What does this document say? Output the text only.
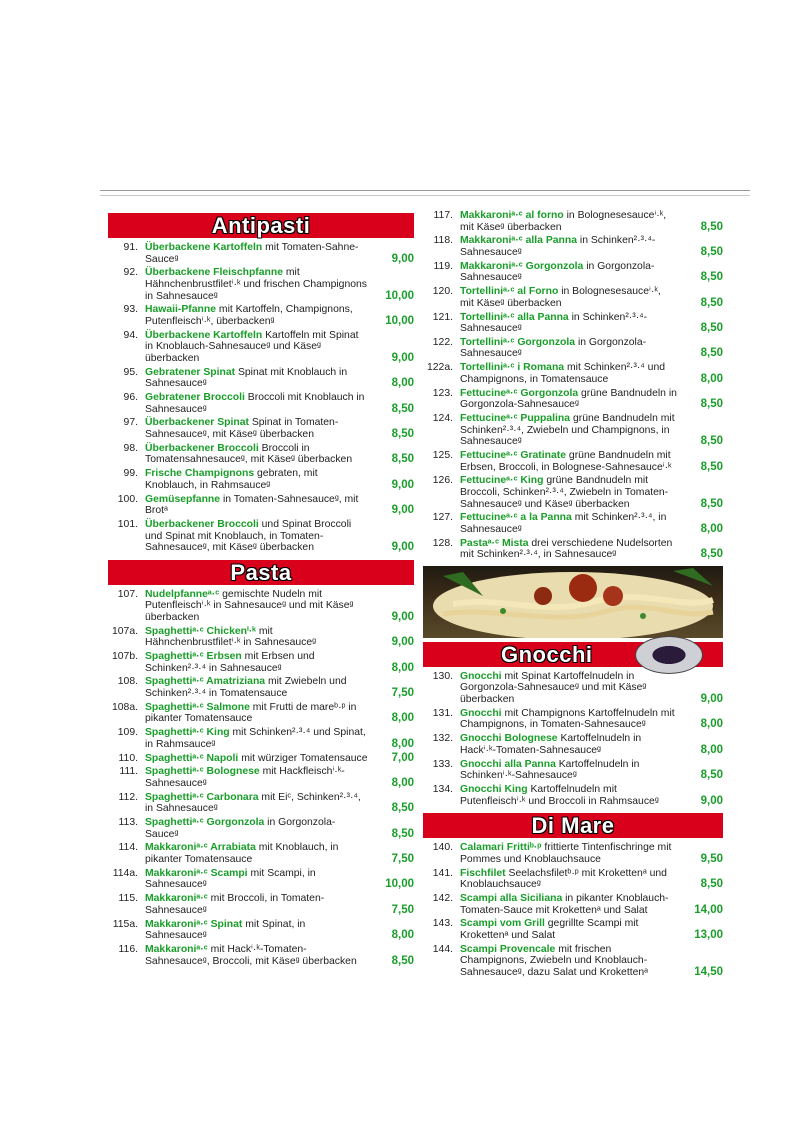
Antipasti
91. Überbackene Kartoffeln mit Tomaten-Sahne-Sauceᵍ	9,00
92. Überbackene Fleischpfanne mit Hähnchenbrustfiletⁱ·ᵏ und frischen Champignons in Sahnesauceᵍ	10,00
93. Hawaii-Pfanne mit Kartoffeln, Champignons, Putenfleischⁱ·ᵏ, überbackenᵍ	10,00
94. Überbackene Kartoffeln Kartoffeln mit Spinat in Knoblauch-Sahnesauceᵍ und Käseᵍ überbacken	9,00
95. Gebratener Spinat Spinat mit Knoblauch in Sahnesauceᵍ	8,00
96. Gebratener Broccoli Broccoli mit Knoblauch in Sahnesauceᵍ	8,50
97. Überbackener Spinat Spinat in Tomaten-Sahnesauceᵍ, mit Käseᵍ überbacken	8,50
98. Überbackener Broccoli Broccoli in Tomatensahnesauceᵍ, mit Käseᵍ überbacken	8,50
99. Frische Champignons gebraten, mit Knoblauch, in Rahmsauceᵍ	9,00
100. Gemüsepfanne in Tomaten-Sahnesauceᵍ, mit Brotᵃ	9,00
101. Überbackener Broccoli und Spinat Broccoli und Spinat mit Knoblauch, in Tomaten-Sahnesauceᵍ, mit Käseᵍ überbacken	9,00
Pasta
107. Nudelpfanneᵃ·ᶜ gemischte Nudeln mit Putenfleischⁱ·ᵏ in Sahnesauceᵍ und mit Käseᵍ überbacken	9,00
107a. Spaghettiᵃ·ᶜ Chickenⁱ·ᵏ mit Hähnchenbrustfiletⁱ·ᵏ in Sahnesauceᵍ	9,00
107b. Spaghettiᵃ·ᶜ Erbsen mit Erbsen und Schinken²·³·⁴ in Sahnesauceᵍ	8,00
108. Spaghettiᵃ·ᶜ Amatriziana mit Zwiebeln und Schinken²·³·⁴ in Tomatensauce	7,50
108a. Spaghettiᵃ·ᶜ Salmone mit Frutti de mareᵇ·ᵖ in pikanter Tomatensauce	8,00
109. Spaghettiᵃ·ᶜ King mit Schinken²·³·⁴ und Spinat, in Rahmsauceᵍ	8,00
110. Spaghettiᵃ·ᶜ Napoli mit würziger Tomatensauce	7,00
111. Spaghettiᵃ·ᶜ Bolognese mit Hackfleischⁱ·ᵏ-Sahnesauceᵍ	8,00
112. Spaghettiᵃ·ᶜ Carbonara mit Eiᶜ, Schinken²·³·⁴, in Sahnesauceᵍ	8,50
113. Spaghettiᵃ·ᶜ Gorgonzola in Gorgonzola-Sauceᵍ	8,50
114. Makkaroniᵃ·ᶜ Arrabiata mit Knoblauch, in pikanter Tomatensauce	7,50
114a. Makkaroniᵃ·ᶜ Scampi mit Scampi, in Sahnesauceᵍ	10,00
115. Makkaroniᵃ·ᶜ mit Broccoli, in Tomaten-Sahnesauceᵍ	7,50
115a. Makkaroniᵃ·ᶜ Spinat mit Spinat, in Sahnesauceᵍ	8,00
116. Makkaroniᵃ·ᶜ mit Hackⁱ·ᵏ-Tomaten-Sahnesauceᵍ, Broccoli, mit Käseᵍ überbacken	8,50
117. Makkaroniᵃ·ᶜ al forno in Bolognesesauceⁱ·ᵏ, mit Käseᵍ überbacken	8,50
118. Makkaroniᵃ·ᶜ alla Panna in Schinken²·³·⁴-Sahnesauceᵍ	8,50
119. Makkaroniᵃ·ᶜ Gorgonzola in Gorgonzola-Sahnesauceᵍ	8,50
120. Tortelliniᵃ·ᶜ al Forno in Bolognesesauceⁱ·ᵏ, mit Käseᵍ überbacken	8,50
121. Tortelliniᵃ·ᶜ alla Panna in Schinken²·³·⁴-Sahnesauceᵍ	8,50
122. Tortelliniᵃ·ᶜ Gorgonzola in Gorgonzola-Sahnesauceᵍ	8,50
122a. Tortelliniᵃ·ᶜ i Romana mit Schinken²·³·⁴ und Champignons, in Tomatensauce	8,00
123. Fettucineᵃ·ᶜ Gorgonzola grüne Bandnudeln in Gorgonzola-Sahnesauceᵍ	8,50
124. Fettucineᵃ·ᶜ Puppalina grüne Bandnudeln mit Schinken²·³·⁴, Zwiebeln und Champignons, in Sahnesauceᵍ	8,50
125. Fettucineᵃ·ᶜ Gratinate grüne Bandnudeln mit Erbsen, Broccoli, in Bolognese-Sahnesauceⁱ·ᵏ	8,50
126. Fettucineᵃ·ᶜ King grüne Bandnudeln mit Broccoli, Schinken²·³·⁴, Zwiebeln in Tomaten-Sahnesauceᵍ und Käseᵍ überbacken	8,50
127. Fettucineᵃ·ᶜ a la Panna mit Schinken²·³·⁴, in Sahnesauceᵍ	8,00
128. Pastaᵃ·ᶜ Mista drei verschiedene Nudelsorten mit Schinken²·³·⁴, in Sahnesauceᵍ	8,50
Gnocchi
130. Gnocchi mit Spinat Kartoffelnudeln in Gorgonzola-Sahnesauceᵍ und mit Käseᵍ überbacken	9,00
131. Gnocchi mit Champignons Kartoffelnudeln mit Champignons, in Tomaten-Sahnesauceᵍ	8,00
132. Gnocchi Bolognese Kartoffelnudeln in Hackⁱ·ᵏ-Tomaten-Sahnesauceᵍ	8,00
133. Gnocchi alla Panna Kartoffelnudeln in Schinkenⁱ·ᵏ-Sahnesauceᵍ	8,50
134. Gnocchi King Kartoffelnudeln mit Putenfleischⁱ·ᵏ und Broccoli in Rahmsauceᵍ	9,00
Di Mare
140. Calamari Frittiᵇ·ᵖ frittierte Tintenfischringe mit Pommes und Knoblauchsauce	9,50
141. Fischfilet Seelachsfiletᵇ·ᵖ mit Krokettenᵃ und Knoblauchsauceᵍ	8,50
142. Scampi alla Siciliana in pikanter Knoblauch-Tomaten-Sauce mit Krokettenᵃ und Salat	14,00
143. Scampi vom Grill gegrillte Scampi mit Krokettenᵃ und Salat	13,00
144. Scampi Provencale mit frischen Champignons, Zwiebeln und Knoblauch-Sahnesauceᵍ, dazu Salat und Krokettenᵃ	14,50
